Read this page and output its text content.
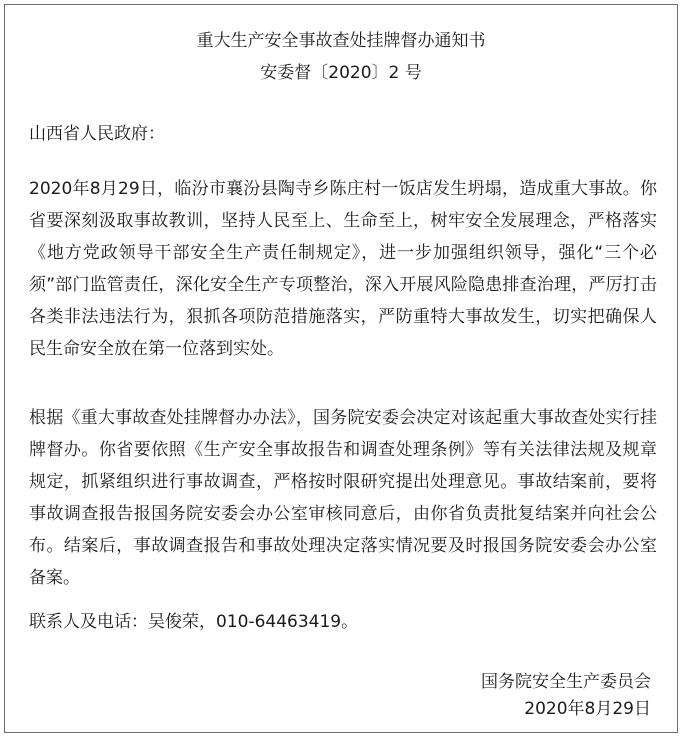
重大生产安全事故查处挂牌督办通知书
安委督〔2020〕2 号
山西省人民政府：

2020年8月29日，临汾市襄汾县陶寺乡陈庄村一饭店发生坍塌，造成重大事故。你省要深刻汲取事故教训，坚持人民至上、生命至上，树牢安全发展理念，严格落实《地方党政领导干部安全生产责任制规定》，进一步加强组织领导，强化“三个必须”部门监管责任，深化安全生产专项整治，深入开展风险隐患排查治理，严厉打击各类非法违法行为，狠抓各项防范措施落实，严防重特大事故发生，切实把确保人民生命安全放在第一位落到实处。

根据《重大事故查处挂牌督办办法》，国务院安委会决定对该起重大事故查处实行挂牌督办。你省要依照《生产安全事故报告和调查处理条例》等有关法律法规及规章规定，抓紧组织进行事故调查，严格按时限研究提出处理意见。事故结案前，要将事故调查报告报国务院安委会办公室审核同意后，由你省负责批复结案并向社会公布。结案后，事故调查报告和事故处理决定落实情况要及时报国务院安委会办公室备案。

联系人及电话：吴俊荣，010-64463419。
国务院安全生产委员会
2020年8月29日
